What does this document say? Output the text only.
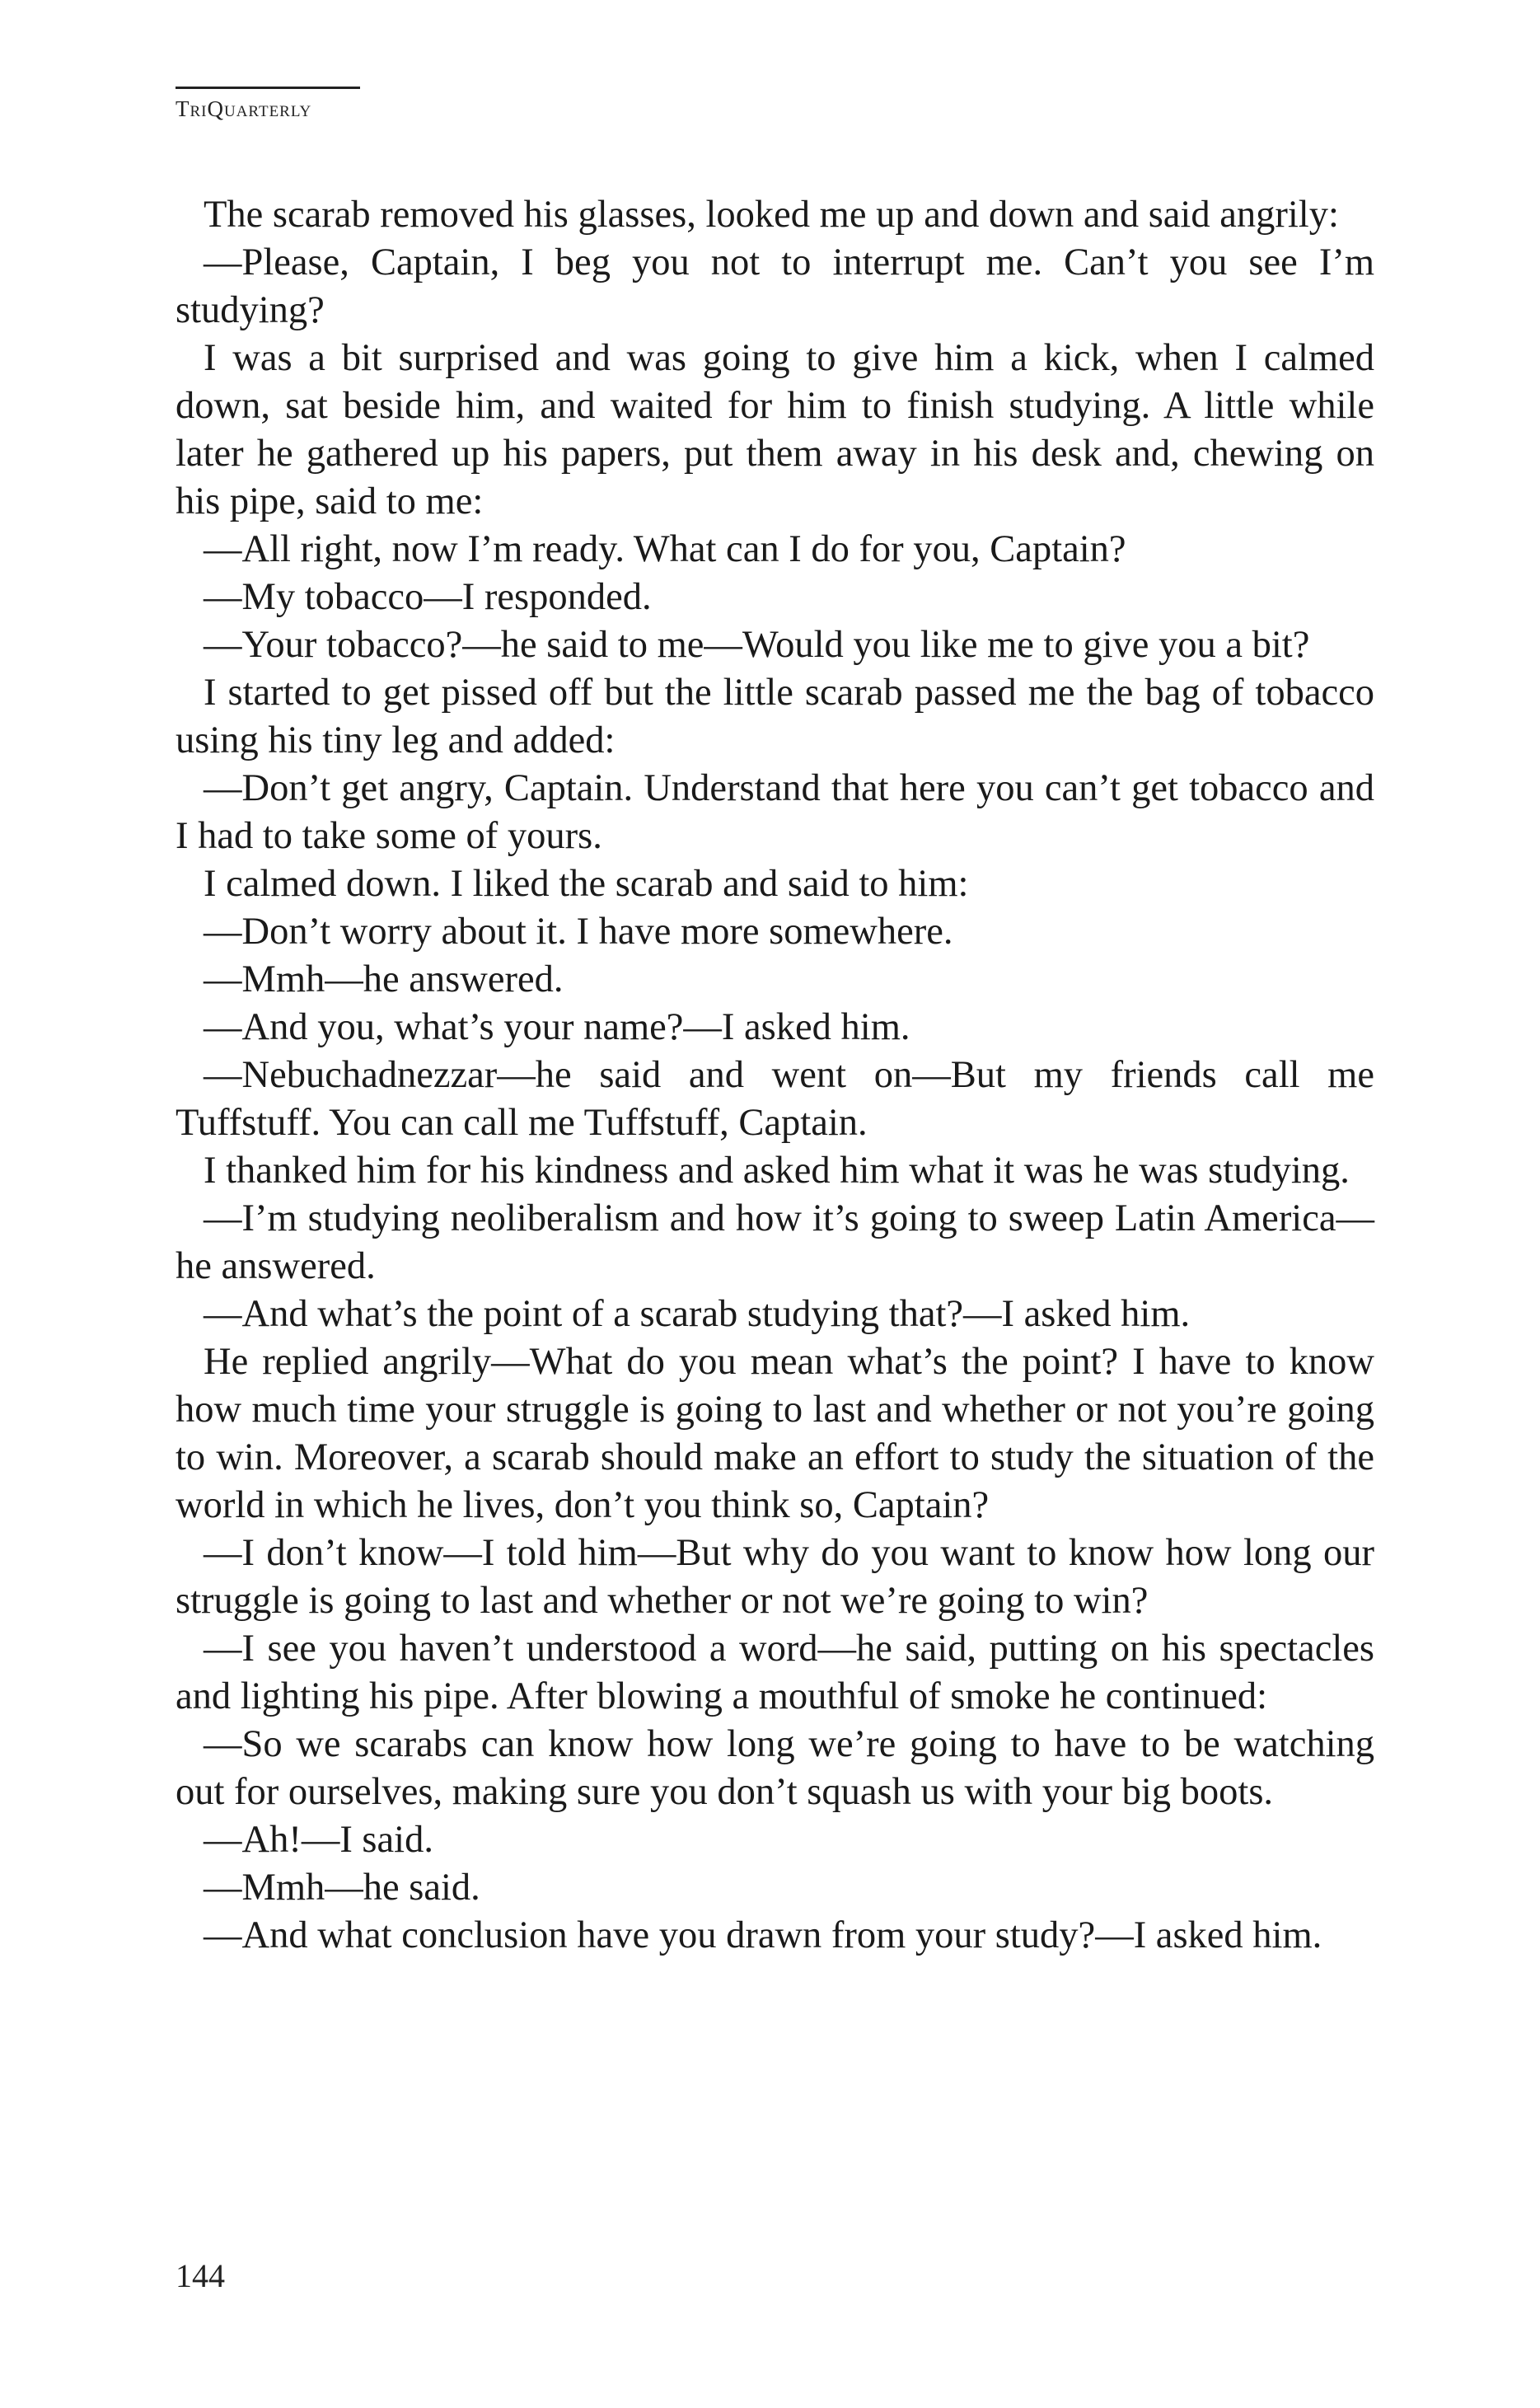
TriQuarterly

The scarab removed his glasses, looked me up and down and said angrily:

—Please, Captain, I beg you not to interrupt me. Can’t you see I’m studying?

I was a bit surprised and was going to give him a kick, when I calmed down, sat beside him, and waited for him to finish studying. A little while later he gathered up his papers, put them away in his desk and, chewing on his pipe, said to me:

—All right, now I’m ready. What can I do for you, Captain?

—My tobacco—I responded.

—Your tobacco?—he said to me—Would you like me to give you a bit?

I started to get pissed off but the little scarab passed me the bag of tobacco using his tiny leg and added:

—Don’t get angry, Captain. Understand that here you can’t get tobacco and I had to take some of yours.

I calmed down. I liked the scarab and said to him:

—Don’t worry about it. I have more somewhere.

—Mmh—he answered.

—And you, what’s your name?—I asked him.

—Nebuchadnezzar—he said and went on—But my friends call me Tuffstuff. You can call me Tuffstuff, Captain.

I thanked him for his kindness and asked him what it was he was studying.

—I’m studying neoliberalism and how it’s going to sweep Latin America—he answered.

—And what’s the point of a scarab studying that?—I asked him.

He replied angrily—What do you mean what’s the point? I have to know how much time your struggle is going to last and whether or not you’re going to win. Moreover, a scarab should make an effort to study the situation of the world in which he lives, don’t you think so, Captain?

—I don’t know—I told him—But why do you want to know how long our struggle is going to last and whether or not we’re going to win?

—I see you haven’t understood a word—he said, putting on his spectacles and lighting his pipe. After blowing a mouthful of smoke he continued:

—So we scarabs can know how long we’re going to have to be watching out for ourselves, making sure you don’t squash us with your big boots.

—Ah!—I said.

—Mmh—he said.

—And what conclusion have you drawn from your study?—I asked him.

144
